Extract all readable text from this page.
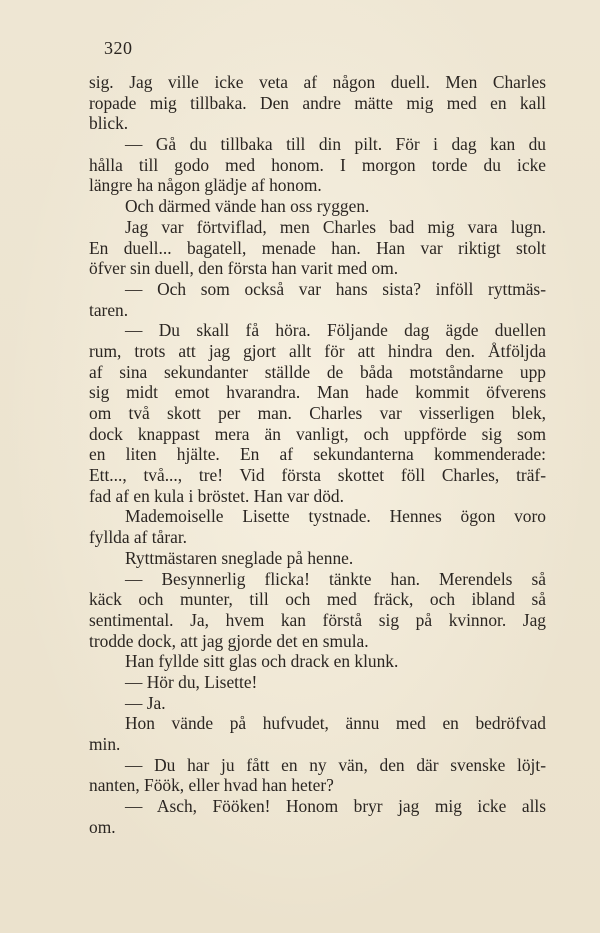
320
sig. Jag ville icke veta af någon duell. Men Charles
ropade mig tillbaka. Den andre mätte mig med en kall
blick.
— Gå du tillbaka till din pilt. För i dag kan du
hålla till godo med honom. I morgon torde du icke
längre ha någon glädje af honom.
Och därmed vände han oss ryggen.
Jag var förtviflad, men Charles bad mig vara lugn.
En duell... bagatell, menade han. Han var riktigt stolt
öfver sin duell, den första han varit med om.
— Och som också var hans sista? inföll ryttmäs-
taren.
— Du skall få höra. Följande dag ägde duellen
rum, trots att jag gjort allt för att hindra den. Åtföljda
af sina sekundanter ställde de båda motståndarne upp
sig midt emot hvarandra. Man hade kommit öfverens
om två skott per man. Charles var visserligen blek,
dock knappast mera än vanligt, och uppförde sig som
en liten hjälte. En af sekundanterna kommenderade:
Ett..., två..., tre! Vid första skottet föll Charles, träf-
fad af en kula i bröstet. Han var död.
Mademoiselle Lisette tystnade. Hennes ögon voro
fyllda af tårar.
Ryttmästaren sneglade på henne.
— Besynnerlig flicka! tänkte han. Merendels så
käck och munter, till och med fräck, och ibland så
sentimental. Ja, hvem kan förstå sig på kvinnor. Jag
trodde dock, att jag gjorde det en smula.
Han fyllde sitt glas och drack en klunk.
— Hör du, Lisette!
— Ja.
Hon vände på hufvudet, ännu med en bedröfvad
min.
— Du har ju fått en ny vän, den där svenske löjt-
nanten, Föök, eller hvad han heter?
— Asch, Fööken! Honom bryr jag mig icke alls
om.
